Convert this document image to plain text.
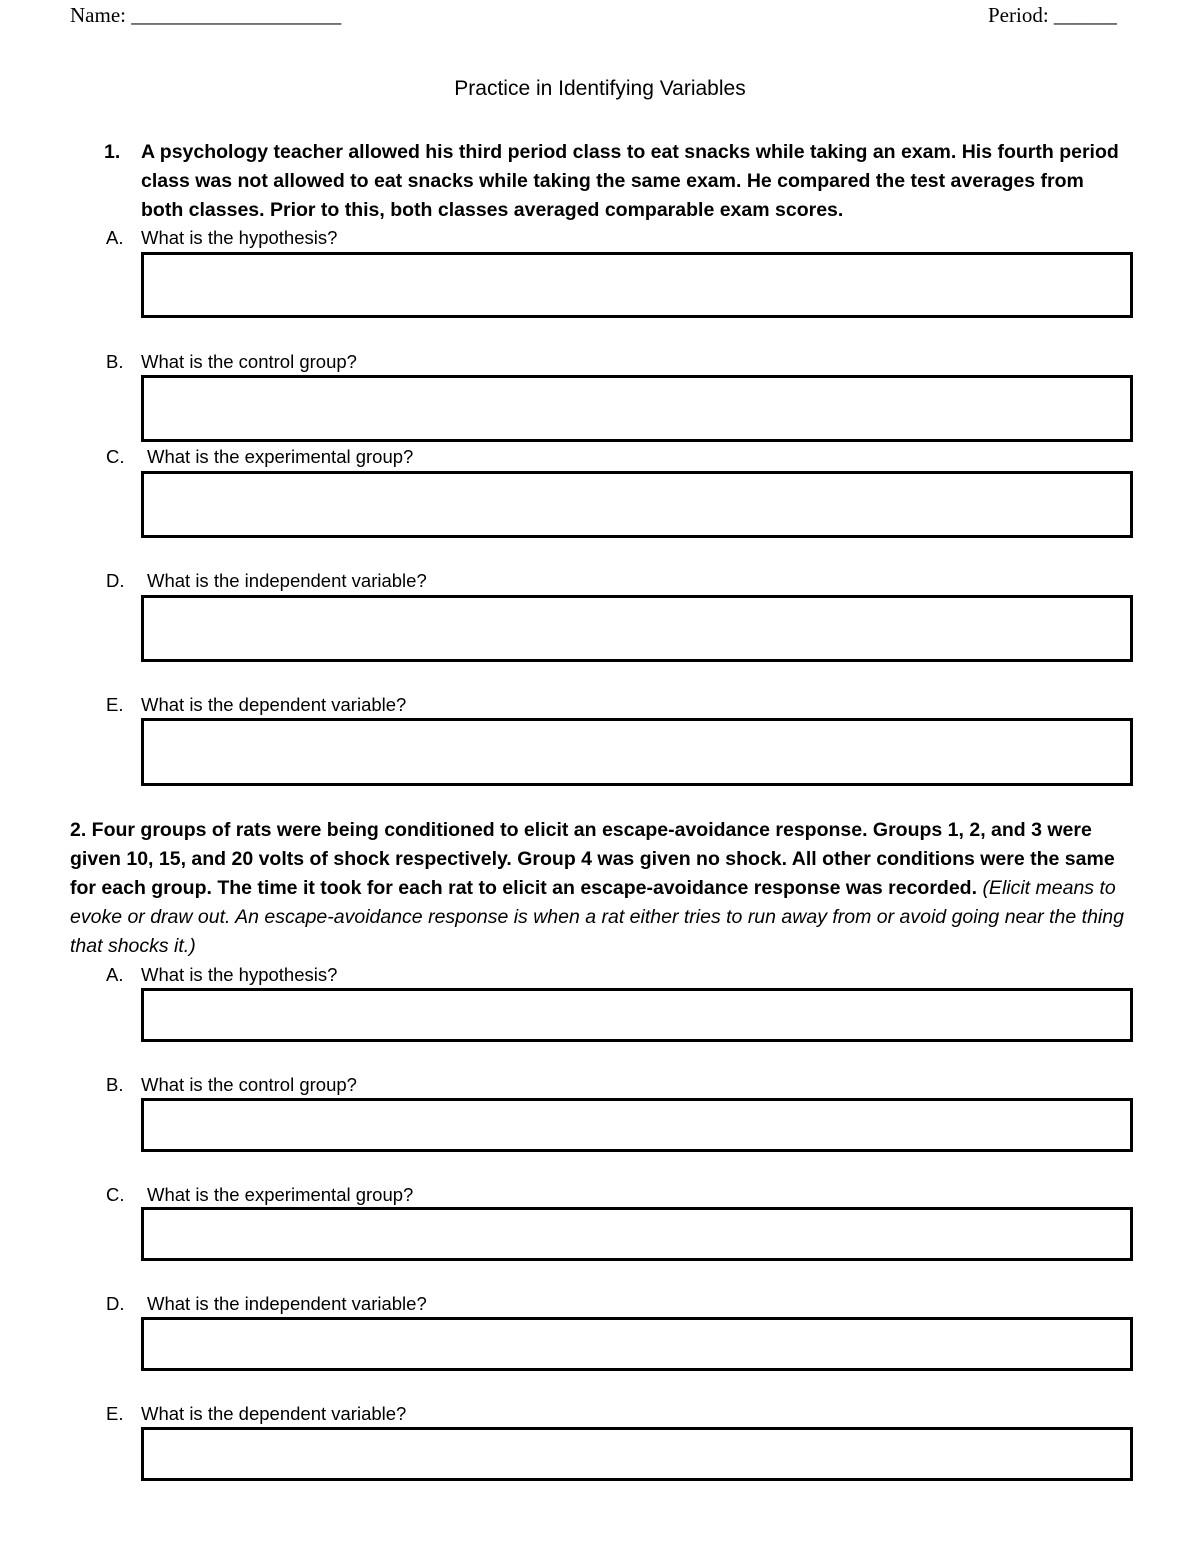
Name: ____________________	Period: ______
Practice in Identifying Variables
1. A psychology teacher allowed his third period class to eat snacks while taking an exam. His fourth period class was not allowed to eat snacks while taking the same exam. He compared the test averages from both classes. Prior to this, both classes averaged comparable exam scores.
A. What is the hypothesis?
B. What is the control group?
C. What is the experimental group?
D. What is the independent variable?
E. What is the dependent variable?
2. Four groups of rats were being conditioned to elicit an escape-avoidance response. Groups 1, 2, and 3 were given 10, 15, and 20 volts of shock respectively. Group 4 was given no shock. All other conditions were the same for each group. The time it took for each rat to elicit an escape-avoidance response was recorded. (Elicit means to evoke or draw out. An escape-avoidance response is when a rat either tries to run away from or avoid going near the thing that shocks it.)
A. What is the hypothesis?
B. What is the control group?
C. What is the experimental group?
D. What is the independent variable?
E. What is the dependent variable?
